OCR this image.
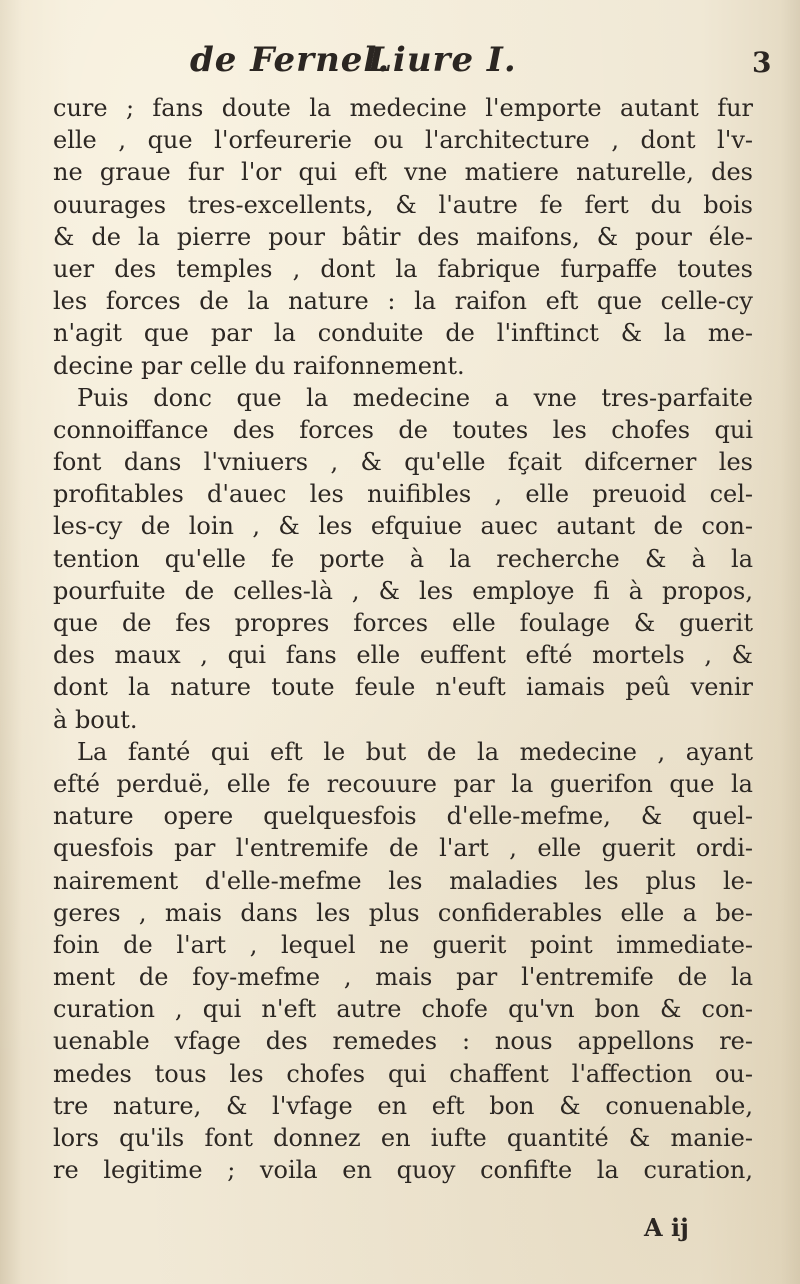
de Fernel.
Liure I.	3
cure ; fans doute la medecine l'emporte autant fur
elle , que l'orfeurerie ou l'architecture , dont l'v-
ne graue fur l'or qui eft vne matiere naturelle, des
ouurages tres-excellents, & l'autre fe fert du bois
& de la pierre pour bâtir des maifons, & pour éle-
uer des temples , dont la fabrique furpaffe toutes
les forces de la nature : la raifon eft que celle-cy
n'agit que par la conduite de l'inftinct & la me-
decine par celle du raifonnement.
Puis donc que la medecine a vne tres-parfaite
connoiffance des forces de toutes les chofes qui
font dans l'vniuers , & qu'elle fçait difcerner les
profitables d'auec les nuifibles , elle preuoid cel-
les-cy de loin , & les efquiue auec autant de con-
tention qu'elle fe porte à la recherche & à la
pourfuite de celles-là , & les employe fi à propos,
que de fes propres forces elle foulage & guerit
des maux , qui fans elle euffent efté mortels , &
dont la nature toute feule n'euft iamais peû venir
à bout.
La fanté qui eft le but de la medecine , ayant
efté perduë, elle fe recouure par la guerifon que la
nature opere quelquesfois d'elle-mefme, & quel-
quesfois par l'entremife de l'art , elle guerit ordi-
nairement d'elle-mefme les maladies les plus le-
geres , mais dans les plus confiderables elle a be-
foin de l'art , lequel ne guerit point immediate-
ment de foy-mefme , mais par l'entremife de la
curation , qui n'eft autre chofe qu'vn bon & con-
uenable vfage des remedes : nous appellons re-
medes tous les chofes qui chaffent l'affection ou-
tre nature, & l'vfage en eft bon & conuenable,
lors qu'ils font donnez en iufte quantité & manie-
re legitime ; voila en quoy confifte la curation,
A ij
